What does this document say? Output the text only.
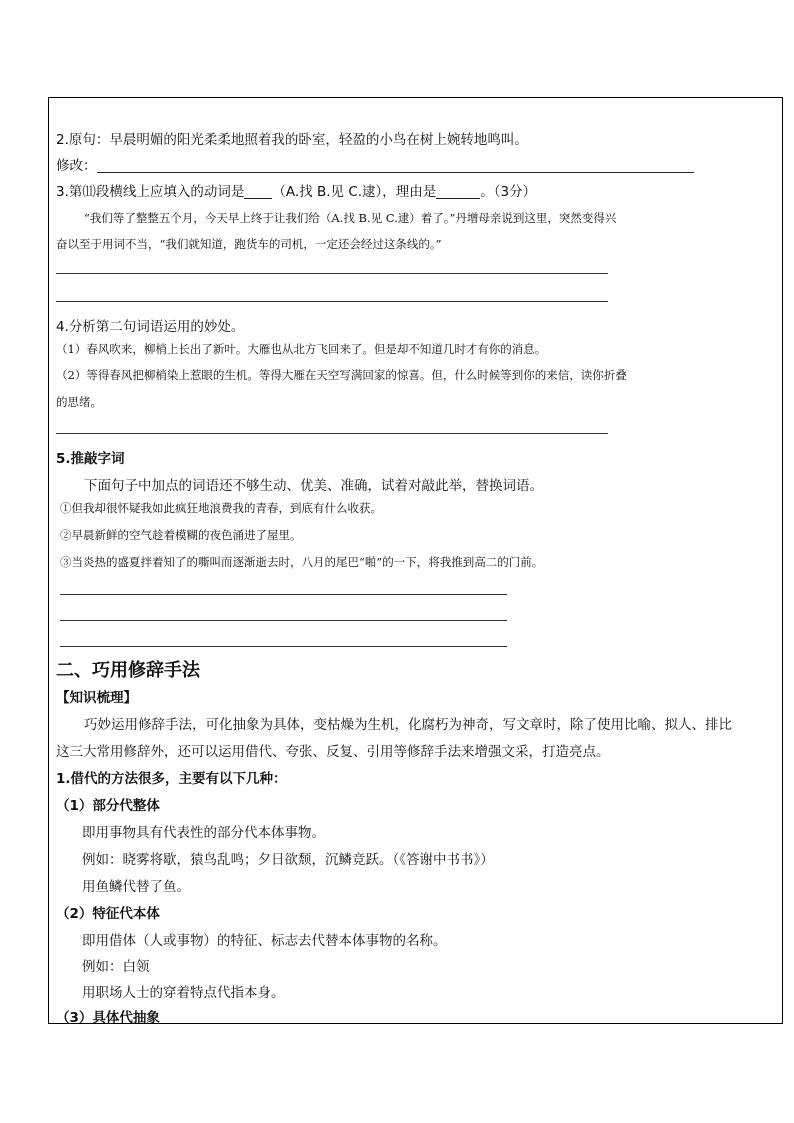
2.原句：早晨明媚的阳光柔柔地照着我的卧室，轻盈的小鸟在树上婉转地鸣叫。
修改：
3.第⑾段横线上应填入的动词是 （A.找 B.见 C.逮），理由是	。（3分）
“我们等了整整五个月，今天早上终于让我们给（A.找 B.见 C.逮）着了。”丹增母亲说到这里，突然变得兴
奋以至于用词不当，“我们就知道，跑货车的司机，一定还会经过这条线的。”
4.分析第二句词语运用的妙处。
（1）春风吹来，柳梢上长出了新叶。大雁也从北方飞回来了。但是却不知道几时才有你的消息。
（2）等得春风把柳梢染上惹眼的生机。等得大雁在天空写满回家的惊喜。但，什么时候等到你的来信，读你折叠
的思绪。
5.推敲字词
下面句子中加点的词语还不够生动、优美、准确，试着对敲此举，替换词语。
①但我却很怀疑我如此疯狂地浪费我的青春，到底有什么收获。
②早晨新鲜的空气趁着模糊的夜色涌进了屋里。
③当炎热的盛夏拌着知了的嘶叫而逐渐逝去时，八月的尾巴“啪”的一下，将我推到高二的门前。
二、巧用修辞手法
【知识梳理】
巧妙运用修辞手法，可化抽象为具体，变枯燥为生机，化腐朽为神奇，写文章时，除了使用比喻、拟人、排比
这三大常用修辞外，还可以运用借代、夸张、反复、引用等修辞手法来增强文采，打造亮点。
1.借代的方法很多，主要有以下几种：
（1）部分代整体
即用事物具有代表性的部分代本体事物。
例如：晓雾将歇，猿鸟乱鸣；夕日欲颓，沉鳞竞跃。（《答谢中书书》）
用鱼鳞代替了鱼。
（2）特征代本体
即用借体（人或事物）的特征、标志去代替本体事物的名称。
例如：白领
用职场人士的穿着特点代指本身。
（3）具体代抽象
